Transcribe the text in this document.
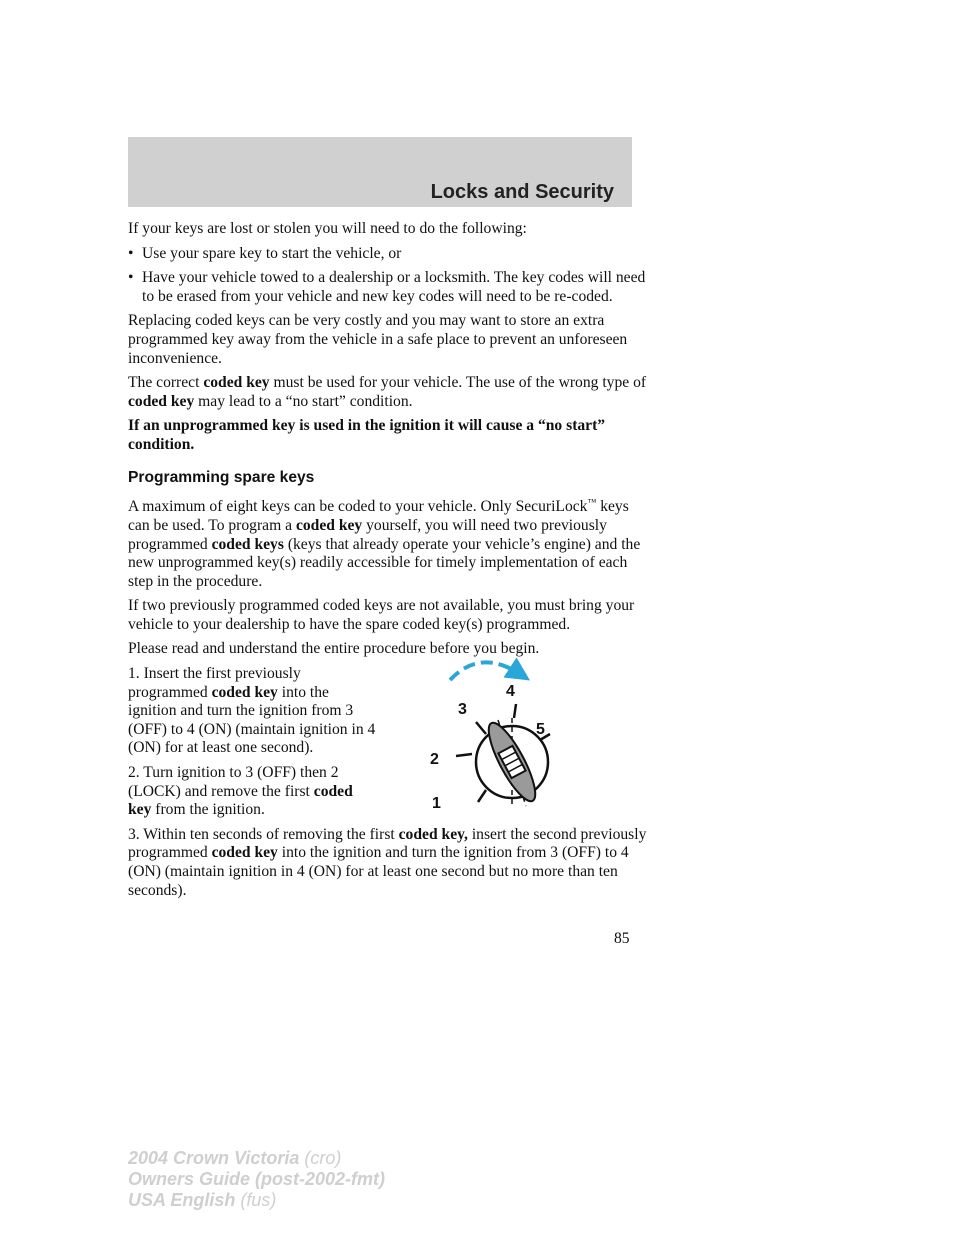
Locks and Security

If your keys are lost or stolen you will need to do the following:

• Use your spare key to start the vehicle, or
• Have your vehicle towed to a dealership or a locksmith. The key codes will need to be erased from your vehicle and new key codes will need to be re-coded.

Replacing coded keys can be very costly and you may want to store an extra programmed key away from the vehicle in a safe place to prevent an unforeseen inconvenience.

The correct coded key must be used for your vehicle. The use of the wrong type of coded key may lead to a “no start” condition.

If an unprogrammed key is used in the ignition it will cause a “no start” condition.

Programming spare keys

A maximum of eight keys can be coded to your vehicle. Only SecuriLock™ keys can be used. To program a coded key yourself, you will need two previously programmed coded keys (keys that already operate your vehicle’s engine) and the new unprogrammed key(s) readily accessible for timely implementation of each step in the procedure.

If two previously programmed coded keys are not available, you must bring your vehicle to your dealership to have the spare coded key(s) programmed.

Please read and understand the entire procedure before you begin.

1. Insert the first previously programmed coded key into the ignition and turn the ignition from 3 (OFF) to 4 (ON) (maintain ignition in 4 (ON) for at least one second).

2. Turn ignition to 3 (OFF) then 2 (LOCK) and remove the first coded key from the ignition.

3. Within ten seconds of removing the first coded key, insert the second previously programmed coded key into the ignition and turn the ignition from 3 (OFF) to 4 (ON) (maintain ignition in 4 (ON) for at least one second but no more than ten seconds).

3
4
5
2
1
85
2004 Crown Victoria (cro)
Owners Guide (post-2002-fmt)
USA English (fus)
